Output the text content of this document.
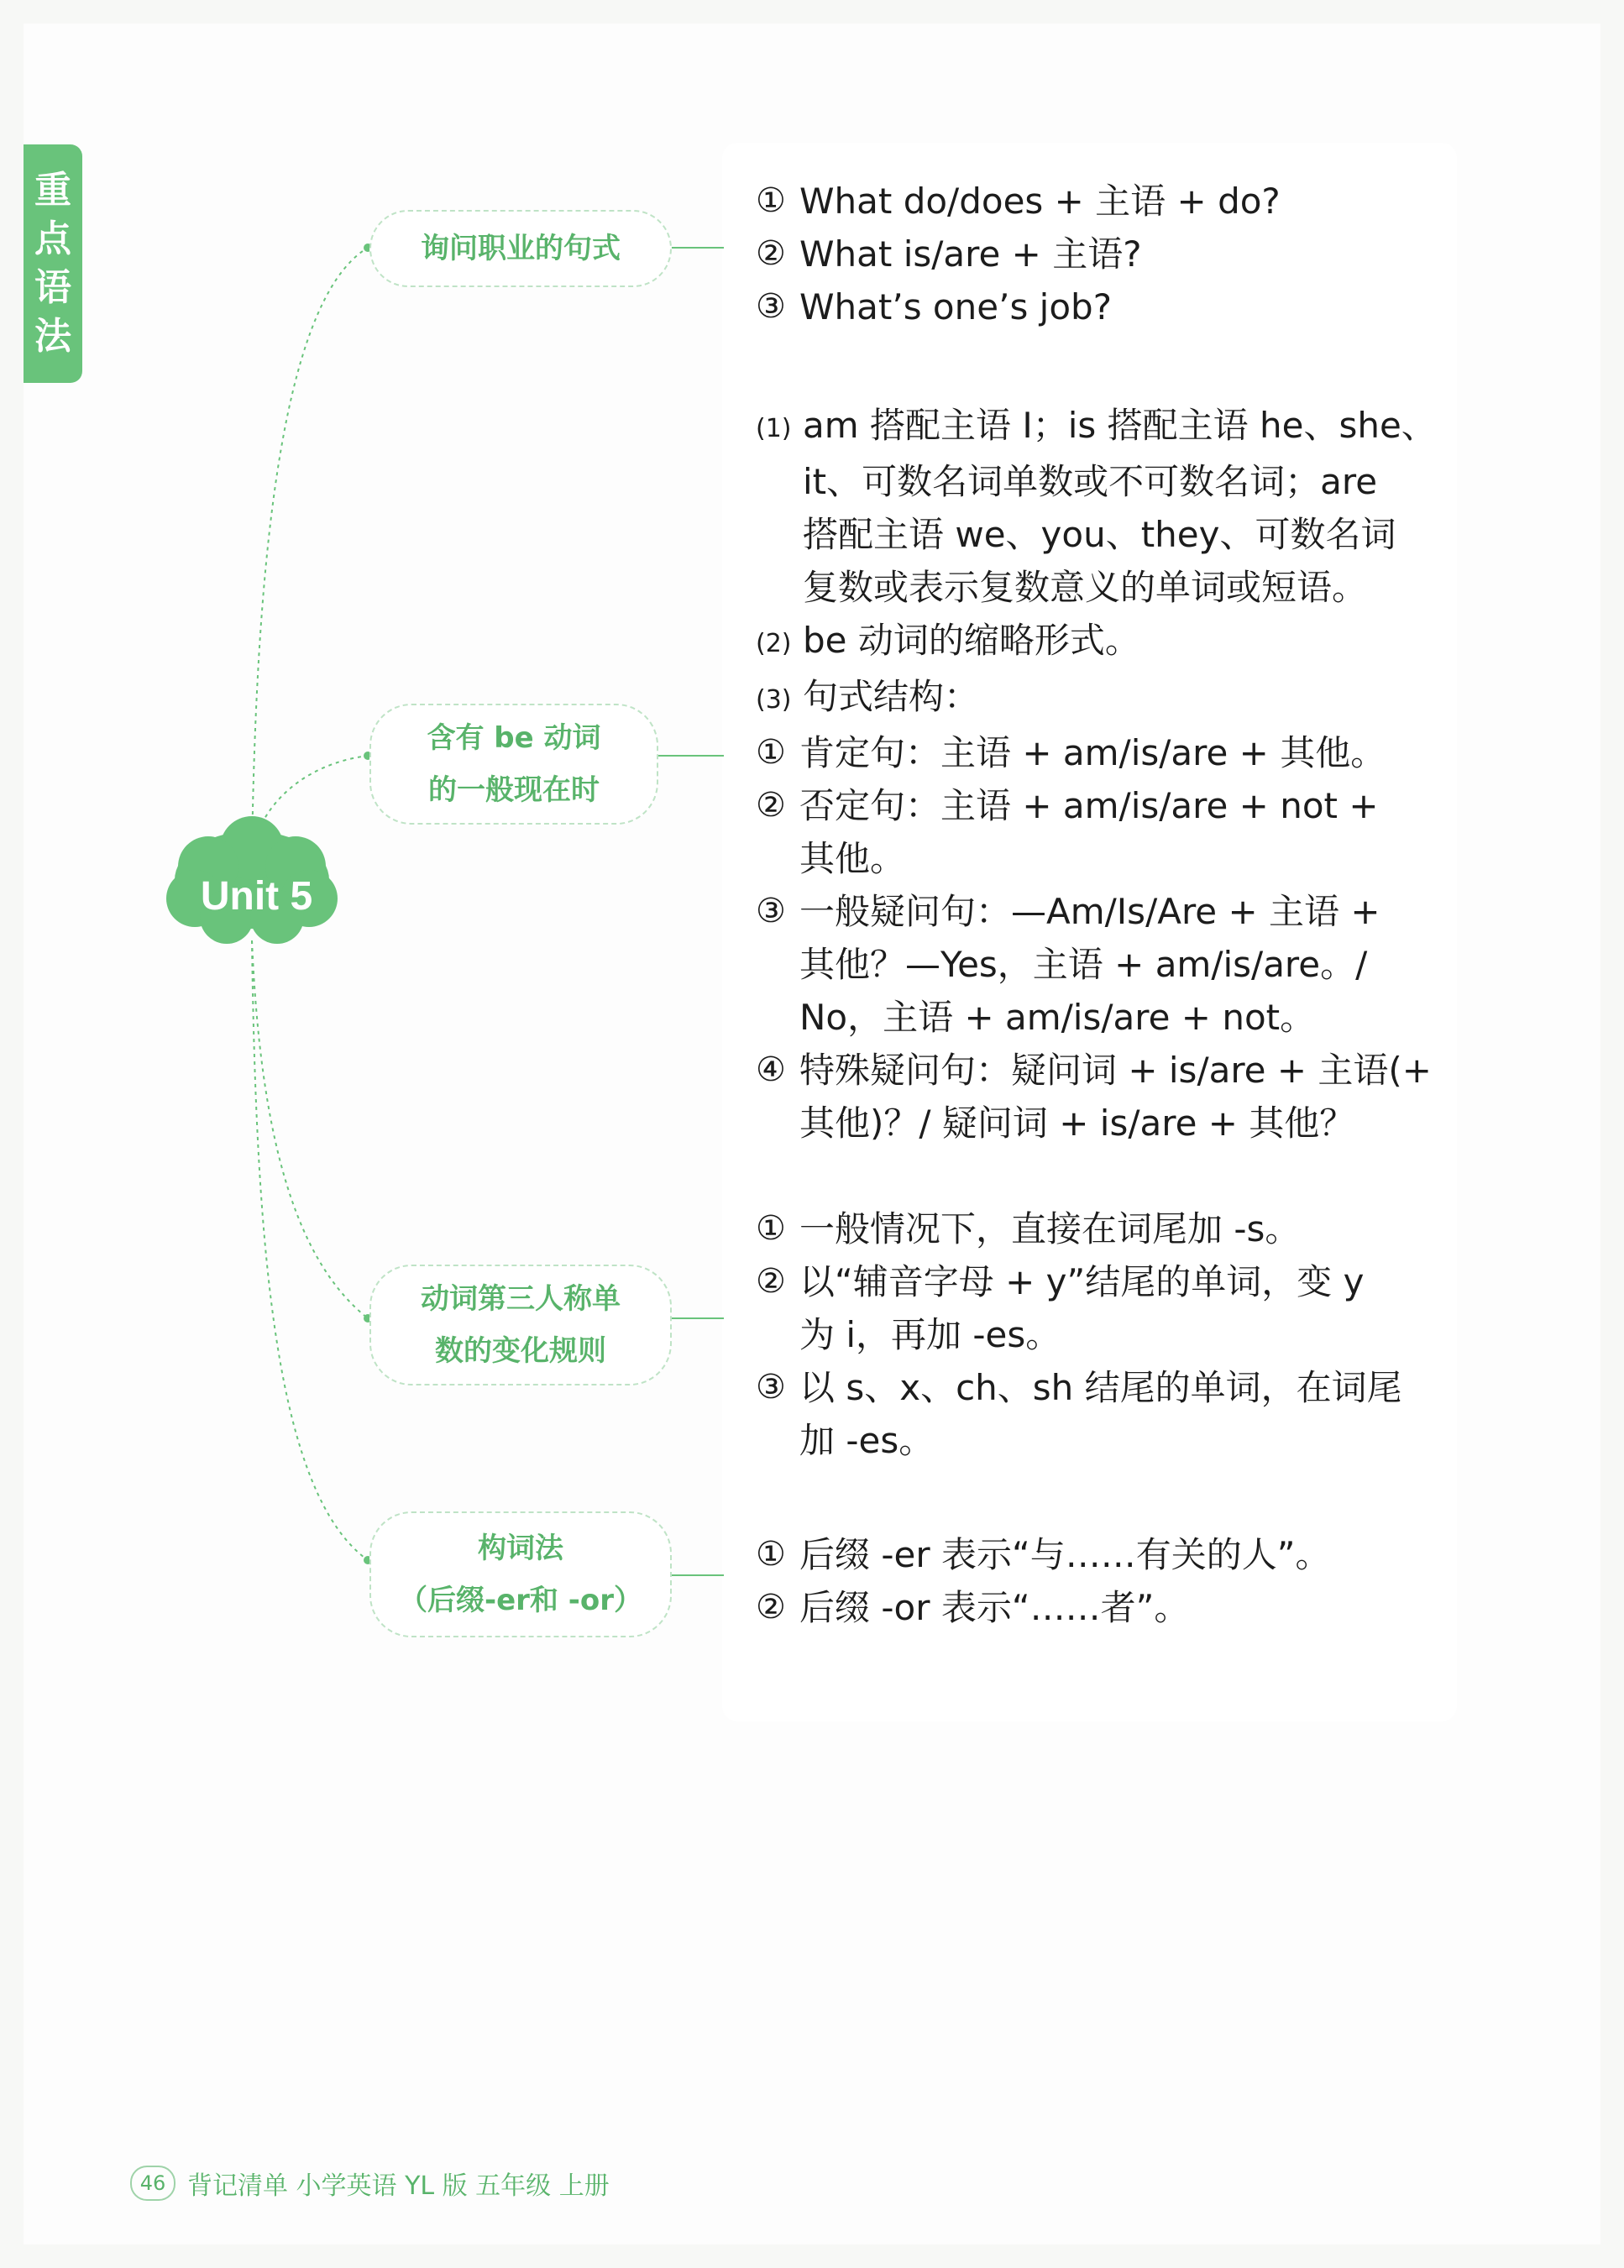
重
点
语
法
Unit 5
询问职业的句式
含有 be 动词
的一般现在时
动词第三人称单
数的变化规则
构词法
（后缀-er和 -or）
① What do/does + 主语 + do?
② What is/are + 主语?
③ What’s one’s job?
(1) am 搭配主语 I；is 搭配主语 he、she、
it、可数名词单数或不可数名词；are
搭配主语 we、you、they、可数名词
复数或表示复数意义的单词或短语。
(2) be 动词的缩略形式。
(3) 句式结构：
① 肯定句：主语 + am/is/are + 其他。
② 否定句：主语 + am/is/are + not +
其他。
③ 一般疑问句：—Am/Is/Are + 主语 +
其他？—Yes，主语 + am/is/are。/
No，主语 + am/is/are + not。
④ 特殊疑问句：疑问词 + is/are + 主语(+
其他)？/ 疑问词 + is/are + 其他？
① 一般情况下，直接在词尾加 -s。
② 以“辅音字母 + y”结尾的单词，变 y
为 i，再加 -es。
③ 以 s、x、ch、sh 结尾的单词，在词尾
加 -es。
① 后缀 -er 表示“与……有关的人”。
② 后缀 -or 表示“……者”。
46 背记清单 小学英语 YL 版 五年级 上册
